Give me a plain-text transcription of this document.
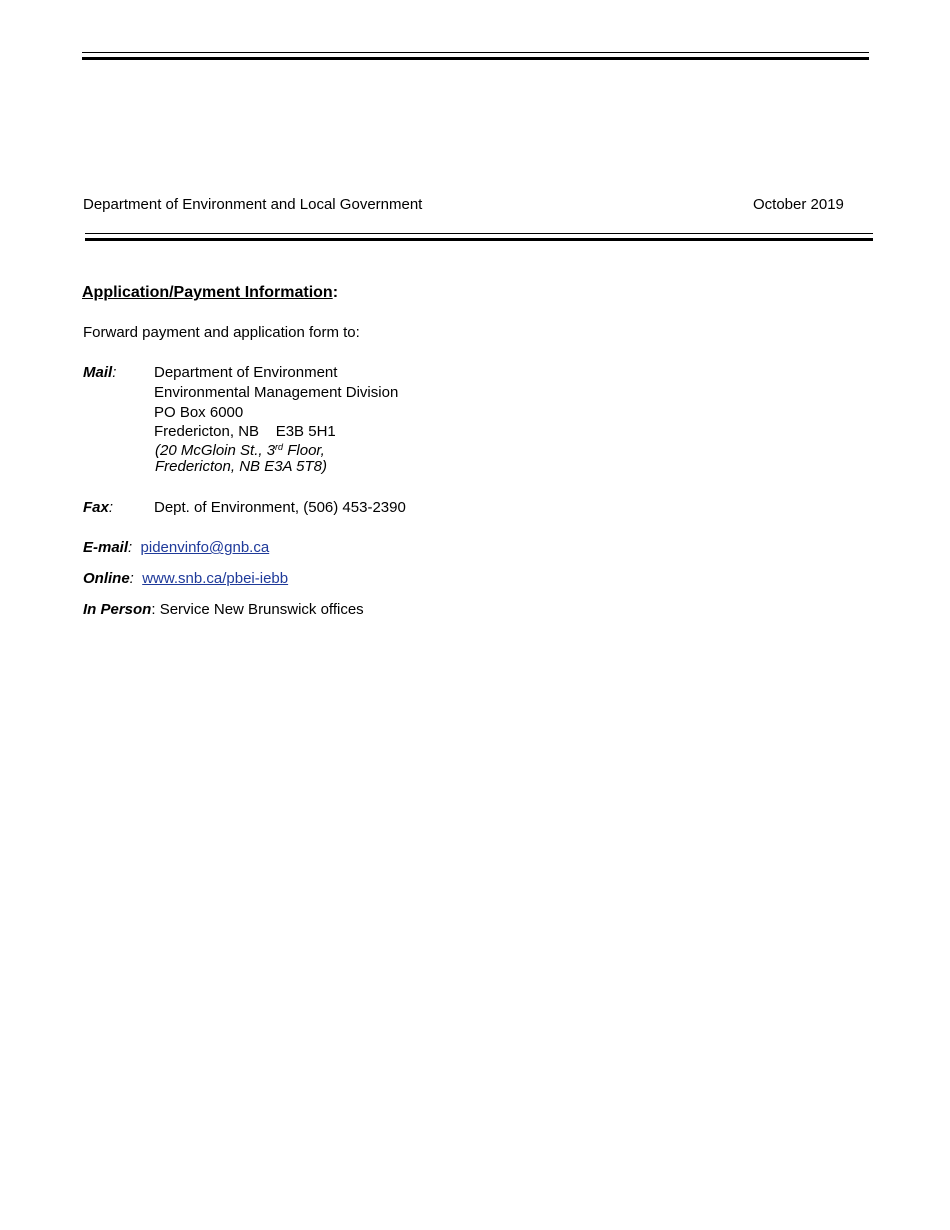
Department of Environment and Local Government	October 2019
Application/Payment Information:
Forward payment and application form to:
Mail:	Department of Environment
Environmental Management Division
PO Box 6000
Fredericton, NB    E3B 5H1
(20 McGloin St., 3rd Floor,
Fredericton, NB E3A 5T8)
Fax:	Dept. of Environment, (506) 453-2390
E-mail: pidenvinfo@gnb.ca
Online: www.snb.ca/pbei-iebb
In Person: Service New Brunswick offices
